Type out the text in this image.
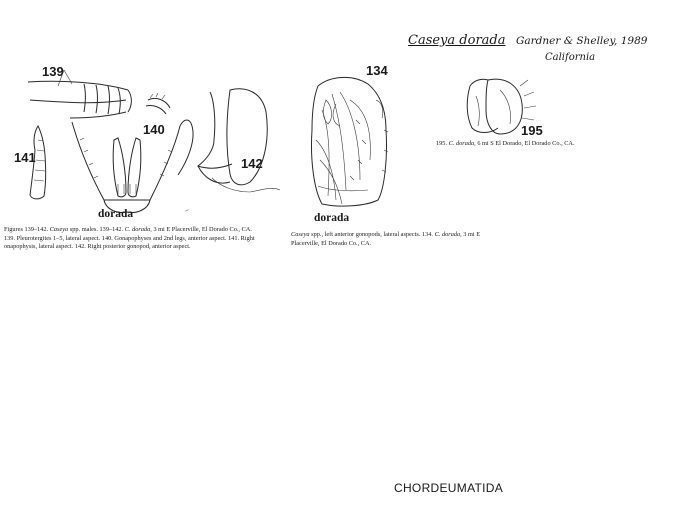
Caseya dorada Gardner & Shelley, 1989
California
139
140
141	142
dorada	~
Figures 139–142. Caseya spp. males. 139–142. C. dorada, 3 mi E Placerville, El Dorado Co., CA.
139. Pleurotergites 1–5, lateral aspect. 140. Gonapophyses and 2nd legs, anterior aspect. 141. Right
onapophysis, lateral aspect. 142. Right posterior gonopod, anterior aspect.
134
dorada
Caseya spp., left anterior gonopods, lateral aspects. 134. C. dorada, 3 mi E
Placerville, El Dorado Co., CA.
195
195. C. dorada, 6 mi S El Dorado, El Dorado Co., CA.
CHORDEUMATIDA
